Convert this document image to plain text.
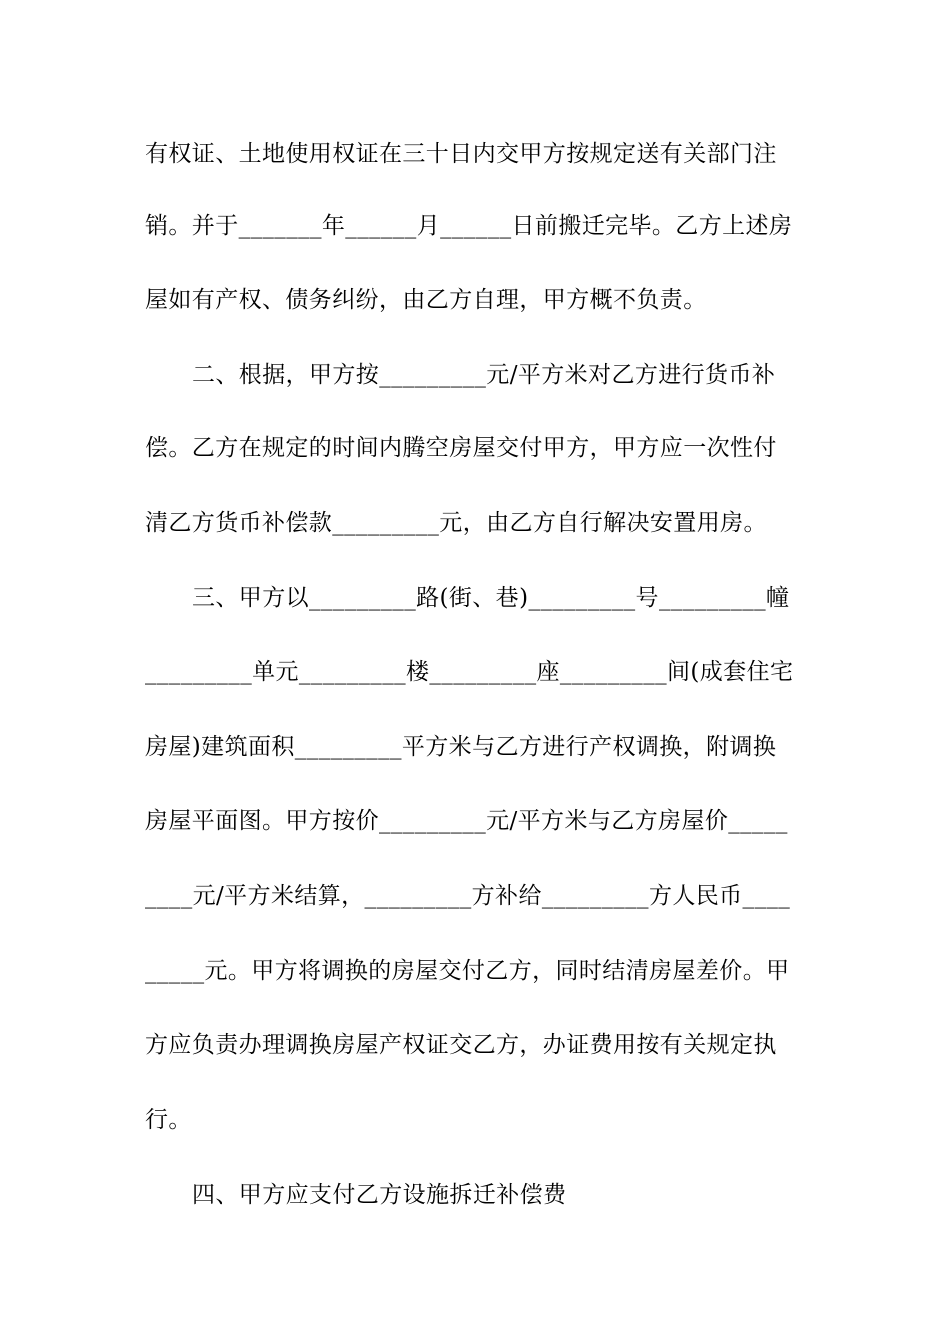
有权证、土地使用权证在三十日内交甲方按规定送有关部门注
销。并于_______年______月______日前搬迁完毕。乙方上述房
屋如有产权、债务纠纷，由乙方自理，甲方概不负责。
二、根据，甲方按_________元/平方米对乙方进行货币补
偿。乙方在规定的时间内腾空房屋交付甲方，甲方应一次性付
清乙方货币补偿款_________元，由乙方自行解决安置用房。
三、甲方以_________路(街、巷)_________号_________幢
_________单元_________楼_________座_________间(成套住宅
房屋)建筑面积_________平方米与乙方进行产权调换，附调换
房屋平面图。甲方按价_________元/平方米与乙方房屋价_____
____元/平方米结算，_________方补给_________方人民币____
_____元。甲方将调换的房屋交付乙方，同时结清房屋差价。甲
方应负责办理调换房屋产权证交乙方，办证费用按有关规定执
行。
四、甲方应支付乙方设施拆迁补偿费
